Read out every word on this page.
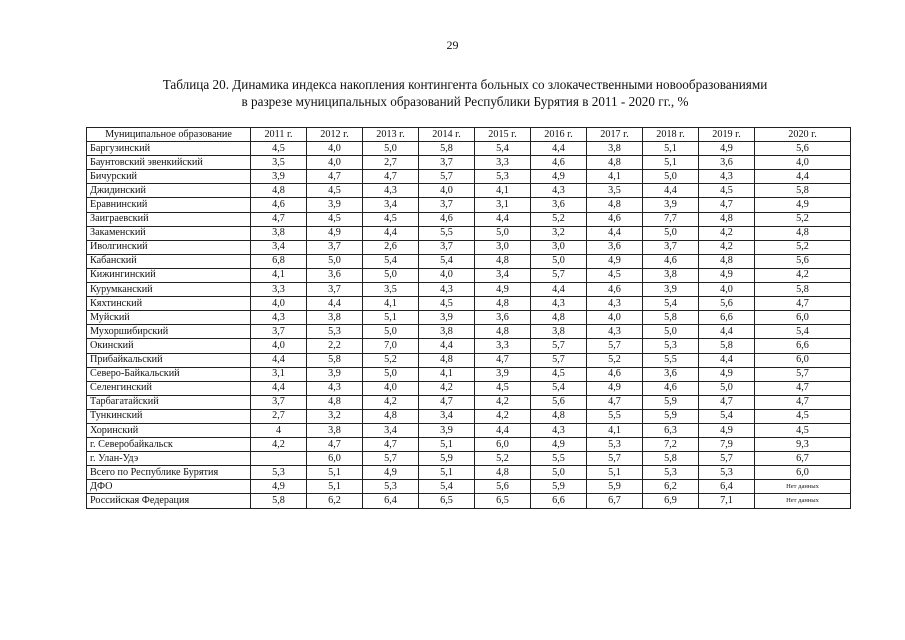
29
Таблица 20. Динамика индекса накопления контингента больных со злокачественными новообразованиями
в разрезе муниципальных образований Республики Бурятия в 2011 - 2020 гг., %
Муниципальное образование	2011 г.	2012 г.	2013 г.	2014 г.	2015 г.	2016 г.	2017 г.	2018 г.	2019 г.	2020 г.
Баргузинский	4,5	4,0	5,0	5,8	5,4	4,4	3,8	5,1	4,9	5,6
Баунтовский эвенкийский	3,5	4,0	2,7	3,7	3,3	4,6	4,8	5,1	3,6	4,0
Бичурский	3,9	4,7	4,7	5,7	5,3	4,9	4,1	5,0	4,3	4,4
Джидинский	4,8	4,5	4,3	4,0	4,1	4,3	3,5	4,4	4,5	5,8
Еравнинский	4,6	3,9	3,4	3,7	3,1	3,6	4,8	3,9	4,7	4,9
Заиграевский	4,7	4,5	4,5	4,6	4,4	5,2	4,6	7,7	4,8	5,2
Закаменский	3,8	4,9	4,4	5,5	5,0	3,2	4,4	5,0	4,2	4,8
Иволгинский	3,4	3,7	2,6	3,7	3,0	3,0	3,6	3,7	4,2	5,2
Кабанский	6,8	5,0	5,4	5,4	4,8	5,0	4,9	4,6	4,8	5,6
Кижингинский	4,1	3,6	5,0	4,0	3,4	5,7	4,5	3,8	4,9	4,2
Курумканский	3,3	3,7	3,5	4,3	4,9	4,4	4,6	3,9	4,0	5,8
Кяхтинский	4,0	4,4	4,1	4,5	4,8	4,3	4,3	5,4	5,6	4,7
Муйский	4,3	3,8	5,1	3,9	3,6	4,8	4,0	5,8	6,6	6,0
Мухоршибирский	3,7	5,3	5,0	3,8	4,8	3,8	4,3	5,0	4,4	5,4
Окинский	4,0	2,2	7,0	4,4	3,3	5,7	5,7	5,3	5,8	6,6
Прибайкальский	4,4	5,8	5,2	4,8	4,7	5,7	5,2	5,5	4,4	6,0
Северо-Байкальский	3,1	3,9	5,0	4,1	3,9	4,5	4,6	3,6	4,9	5,7
Селенгинский	4,4	4,3	4,0	4,2	4,5	5,4	4,9	4,6	5,0	4,7
Тарбагатайский	3,7	4,8	4,2	4,7	4,2	5,6	4,7	5,9	4,7	4,7
Тункинский	2,7	3,2	4,8	3,4	4,2	4,8	5,5	5,9	5,4	4,5
Хоринский	4	3,8	3,4	3,9	4,4	4,3	4,1	6,3	4,9	4,5
г. Северобайкальск	4,2	4,7	4,7	5,1	6,0	4,9	5,3	7,2	7,9	9,3
г. Улан-Удэ		6,0	5,7	5,9	5,2	5,5	5,7	5,8	5,7	6,7
Всего по Республике Бурятия	5,3	5,1	4,9	5,1	4,8	5,0	5,1	5,3	5,3	6,0
ДФО	4,9	5,1	5,3	5,4	5,6	5,9	5,9	6,2	6,4	Нет данных
Российская Федерация	5,8	6,2	6,4	6,5	6,5	6,6	6,7	6,9	7,1	Нет данных
